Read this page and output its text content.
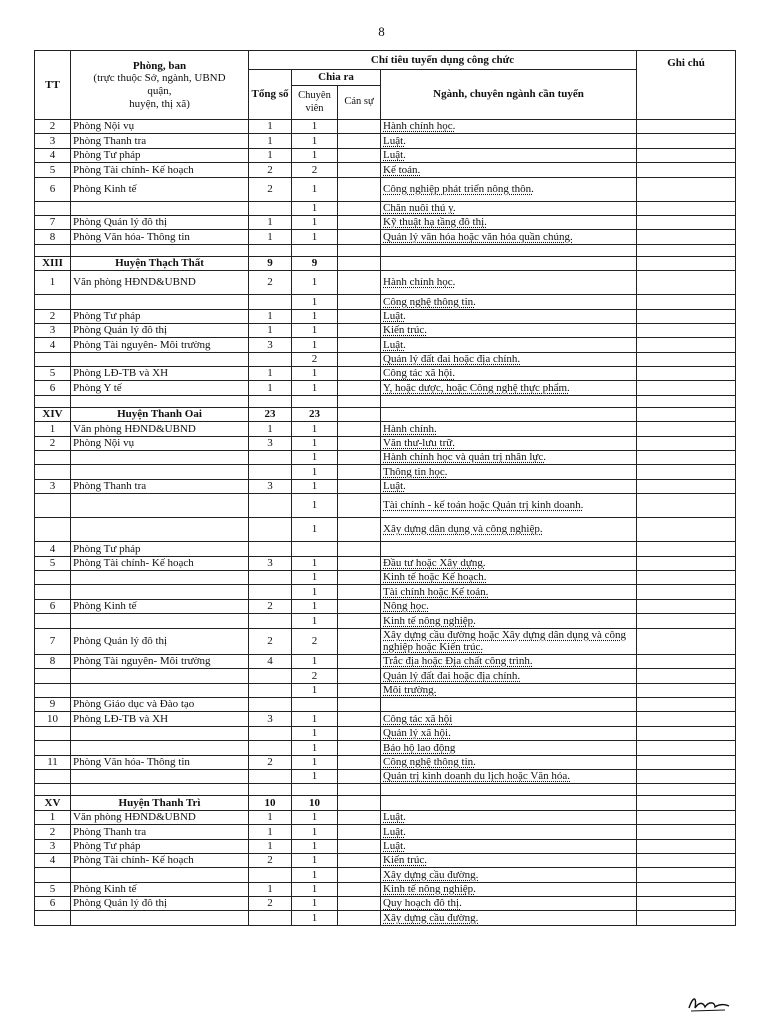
8
TT	Phòng, ban
(trực thuộc Sở, ngành, UBND
quận,
huyện, thị xã)	Chỉ tiêu tuyển dụng công chức				Ghi chú
		Tổng số	Chia ra		Ngành, chuyên ngành cần tuyển	
			Chuyên viên	Cán sự		
2	Phòng Nội vụ	1	1		Hành chính học.	
3	Phòng Thanh tra	1	1		Luật.	
4	Phòng Tư pháp	1	1		Luật.	
5	Phòng Tài chính- Kế hoạch	2	2		Kế toán.	
6	Phòng Kinh tế	2	1		Công nghiệp phát triển nông thôn.	
			1		Chăn nuôi thú y.	
7	Phòng Quản lý đô thị	1	1		Kỹ thuật hạ tầng đô thị.	
8	Phòng Văn hóa- Thông tin	1	1		Quản lý văn hóa hoặc văn hóa quần chúng.	

XIII	Huyện Thạch Thất	9	9			
1	Văn phòng HĐND&UBND	2	1		Hành chính học.	
			1		Công nghệ thông tin.	
2	Phòng Tư pháp	1	1		Luật.	
3	Phòng Quản lý đô thị	1	1		Kiến trúc.	
4	Phòng Tài nguyên- Môi trường	3	1		Luật.	
			2		Quản lý đất đai hoặc địa chính.	
5	Phòng LĐ-TB và XH	1	1		Công tác xã hội.	
6	Phòng Y tế	1	1		Y, hoặc dược, hoặc Công nghệ thực phẩm.	

XIV	Huyện Thanh Oai	23	23			
1	Văn phòng HĐND&UBND	1	1		Hành chính.	
2	Phòng Nội vụ	3	1		Văn thư-lưu trữ.	
			1		Hành chính học và quản trị nhân lực.	
			1		Thông tin học.	
3	Phòng Thanh tra	3	1		Luật.	
			1		Tài chính - kế toán hoặc Quản trị kinh doanh.	
			1		Xây dựng dân dụng và công nghiệp.	
4	Phòng Tư pháp					
5	Phòng Tài chính- Kế hoạch	3	1		Đầu tư hoặc Xây dựng.	
			1		Kinh tế hoặc Kế hoạch.	
			1		Tài chính hoặc Kế toán.	
6	Phòng Kinh tế	2	1		Nông học.	
			1		Kinh tế nông nghiệp.	
7	Phòng Quản lý đô thị	2	2		Xây dựng cầu đường hoặc Xây dựng dân dụng và công nghiệp hoặc Kiến trúc.	
8	Phòng Tài nguyên- Môi trường	4	1		Trắc địa hoặc Địa chất công trình.	
			2		Quản lý đất đai hoặc địa chính.	
			1		Môi trường.	
9	Phòng Giáo dục và Đào tạo					
10	Phòng LĐ-TB và XH	3	1		Công tác xã hội	
			1		Quản lý xã hội.	
			1		Bảo hộ lao động	
11	Phòng Văn hóa- Thông tin	2	1		Công nghệ thông tin.	
			1		Quản trị kinh doanh du lịch hoặc Văn hóa.	

XV	Huyện Thanh Trì	10	10			
1	Văn phòng HĐND&UBND	1	1		Luật.	
2	Phòng Thanh tra	1	1		Luật.	
3	Phòng Tư pháp	1	1		Luật.	
4	Phòng Tài chính- Kế hoạch	2	1		Kiến trúc.	
			1		Xây dựng cầu đường.	
5	Phòng Kinh tế	1	1		Kinh tế nông nghiệp.	
6	Phòng Quản lý đô thị	2	1		Quy hoạch đô thị.	
			1		Xây dựng cầu đường.	
